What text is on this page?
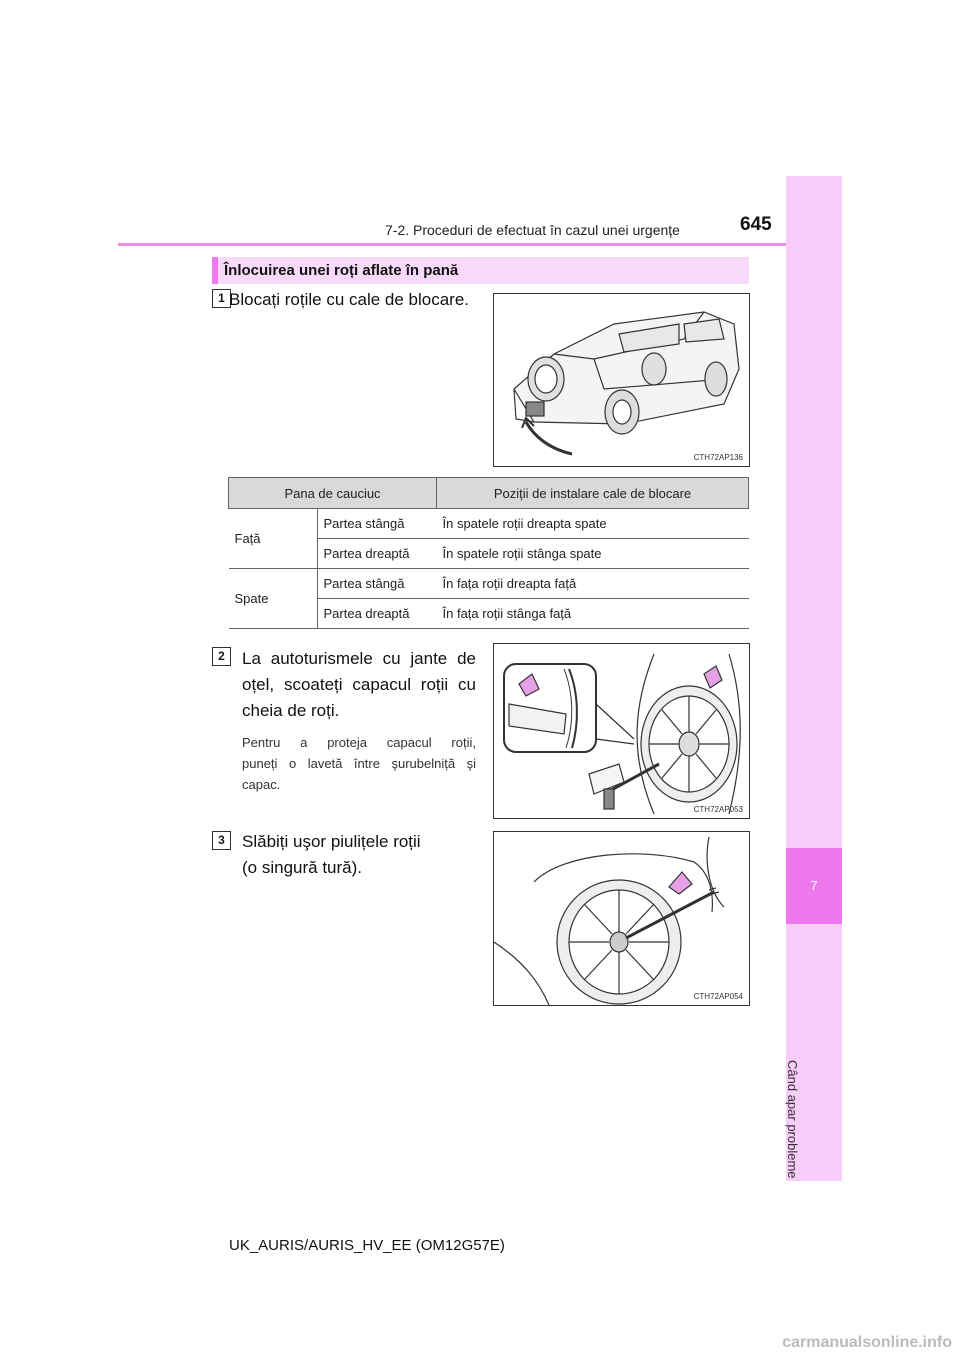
7-2. Proceduri de efectuat în cazul unei urgențe	645
7
Când apar probleme
Înlocuirea unei roți aflate în pană
1 Blocați roțile cu cale de blocare.
CTH72AP136
Pana de cauciuc		Poziții de instalare cale de blocare
Față	Partea stângă	În spatele roții dreapta spate
	Partea dreaptă	În spatele roții stânga spate
Spate	Partea stângă	În fața roții dreapta față
	Partea dreaptă	În fața roții stânga față
2	La autoturismele cu jante de
oțel, scoateți capacul roții cu
cheia de roți.
Pentru a proteja capacul roții,
puneți o lavetă între şurubelniță şi
capac.
CTH72AP053
3	Slăbiți uşor piulițele roții
(o singură tură).
CTH72AP054
UK_AURIS/AURIS_HV_EE (OM12G57E)
carmanualsonline.info
